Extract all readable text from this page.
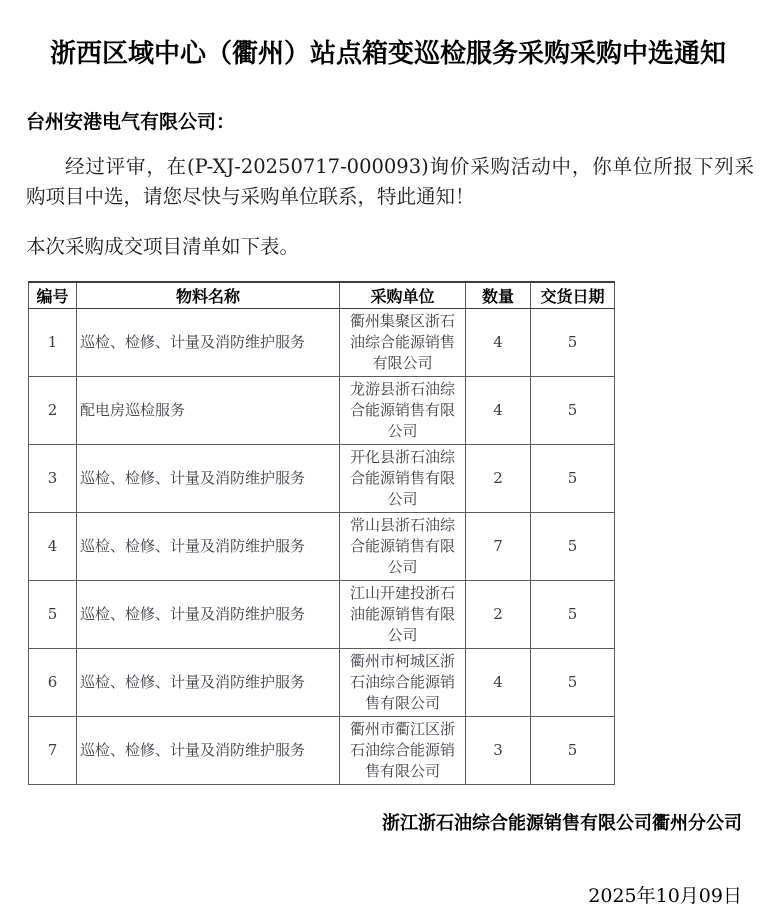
浙西区域中心（衢州）站点箱变巡检服务采购采购中选通知
台州安港电气有限公司：

经过评审，在(P-XJ-20250717-000093)询价采购活动中，你单位所报下列采购项目中选，请您尽快与采购单位联系，特此通知！

本次采购成交项目清单如下表。

编号	物料名称	采购单位	数量	交货日期
1	巡检、检修、计量及消防维护服务	衢州集聚区浙石油综合能源销售有限公司	4	5
2	配电房巡检服务	龙游县浙石油综合能源销售有限公司	4	5
3	巡检、检修、计量及消防维护服务	开化县浙石油综合能源销售有限公司	2	5
4	巡检、检修、计量及消防维护服务	常山县浙石油综合能源销售有限公司	7	5
5	巡检、检修、计量及消防维护服务	江山开建投浙石油能源销售有限公司	2	5
6	巡检、检修、计量及消防维护服务	衢州市柯城区浙石油综合能源销售有限公司	4	5
7	巡检、检修、计量及消防维护服务	衢州市衢江区浙石油综合能源销售有限公司	3	5
浙江浙石油综合能源销售有限公司衢州分公司
2025年10月09日
